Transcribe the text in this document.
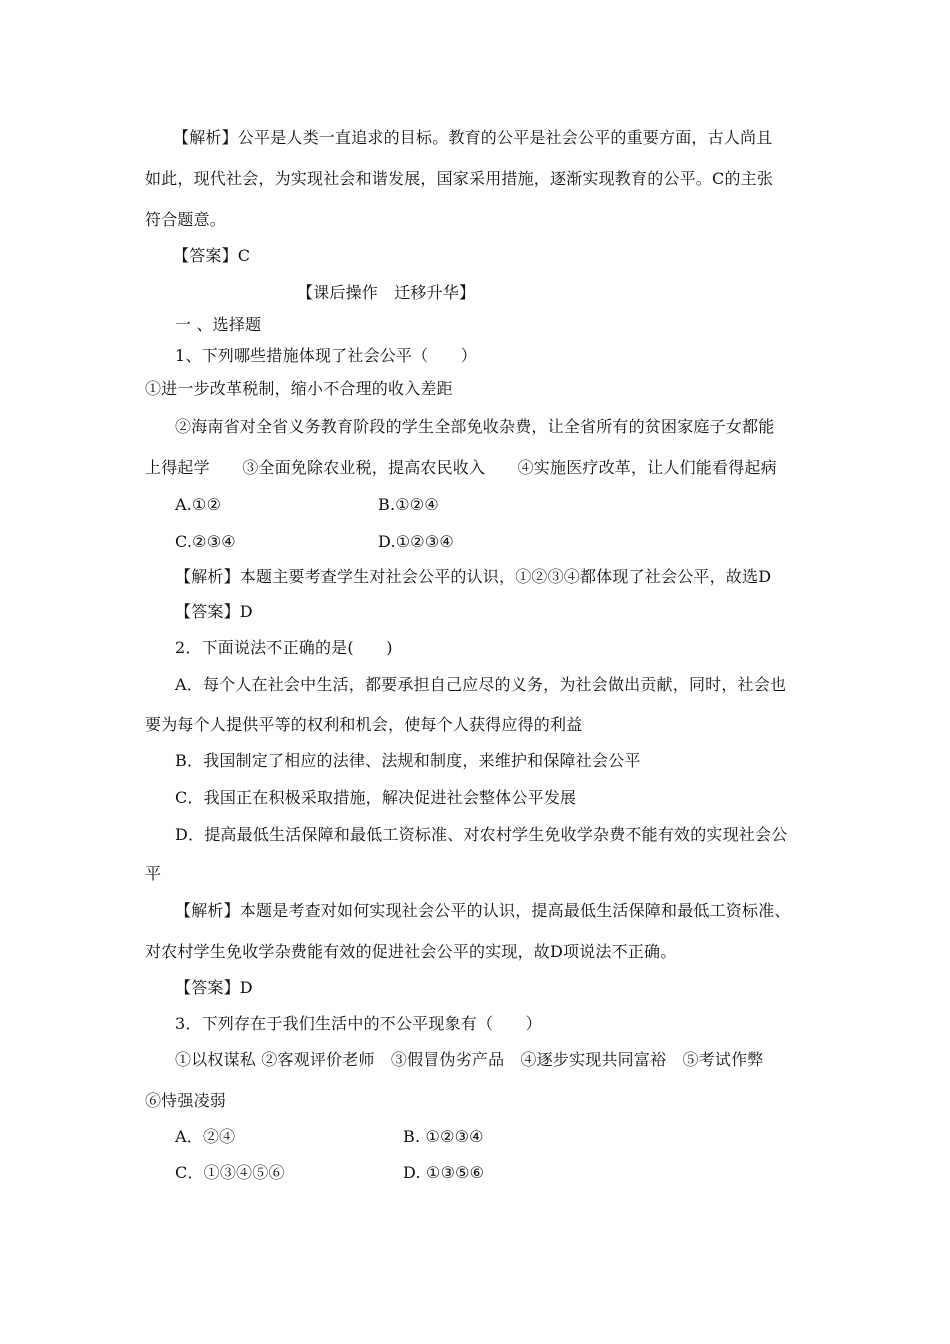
【解析】公平是人类一直追求的目标。教育的公平是社会公平的重要方面，古人尚且
如此，现代社会，为实现社会和谐发展，国家采用措施，逐渐实现教育的公平。C的主张
符合题意。
【答案】C
【课后操作　迁移升华】
一 、选择题
1、下列哪些措施体现了社会公平（　　）
①进一步改革税制，缩小不合理的收入差距
②海南省对全省义务教育阶段的学生全部免收杂费，让全省所有的贫困家庭子女都能
上得起学　　③全面免除农业税，提高农民收入　　④实施医疗改革，让人们能看得起病
A.①②	B.①②④
C.②③④	D.①②③④
【解析】本题主要考查学生对社会公平的认识，①②③④都体现了社会公平，故选D
【答案】D
2．下面说法不正确的是(　　)
A．每个人在社会中生活，都要承担自己应尽的义务，为社会做出贡献，同时，社会也
要为每个人提供平等的权利和机会，使每个人获得应得的利益
B．我国制定了相应的法律、法规和制度，来维护和保障社会公平
C．我国正在积极采取措施，解决促进社会整体公平发展
D．提高最低生活保障和最低工资标准、对农村学生免收学杂费不能有效的实现社会公
平
【解析】本题是考查对如何实现社会公平的认识，提高最低生活保障和最低工资标准、
对农村学生免收学杂费能有效的促进社会公平的实现，故D项说法不正确。
【答案】D
3．下列存在于我们生活中的不公平现象有（　　）
①以权谋私 ②客观评价老师　③假冒伪劣产品　④逐步实现共同富裕　⑤考试作弊
⑥恃强凌弱
A．②④	B. ①②③④
C．①③④⑤⑥	D. ①③⑤⑥
